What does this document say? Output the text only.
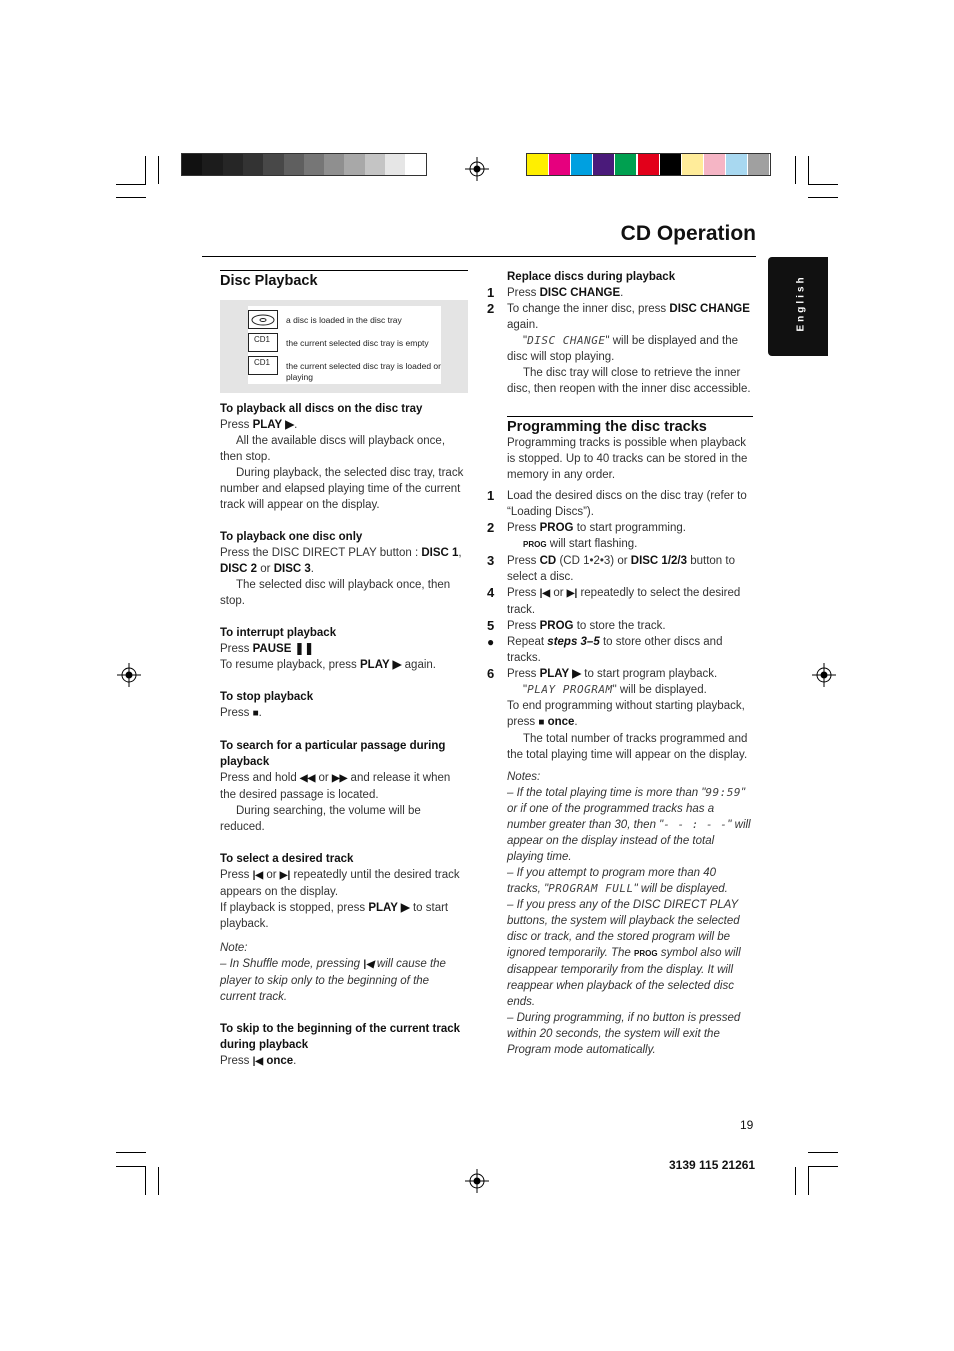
CD Operation
English
Disc Playback
a disc is loaded in the disc tray
CD1	the current selected disc tray is empty
CD1	the current selected disc tray is loaded or playing
To playback all discs on the disc tray
Press PLAY ▶.
All the available discs will playback once, then stop.
During playback, the selected disc tray, track number and elapsed playing time of the current track will appear on the display.
To playback one disc only
Press the DISC DIRECT PLAY button : DISC 1, DISC 2 or DISC 3.
The selected disc will playback once, then stop.
To interrupt playback
Press PAUSE ❚❚
To resume playback, press PLAY ▶ again.
To stop playback
Press ■.
To search for a particular passage during playback
Press and hold ◀◀ or ▶▶ and release it when the desired passage is located.
During searching, the volume will be reduced.
To select a desired track
Press |◀ or ▶| repeatedly until the desired track appears on the display.
If playback is stopped, press PLAY ▶ to start playback.
Note:
– In Shuffle mode, pressing |◀ will cause the player to skip only to the beginning of the current track.
To skip to the beginning of the current track during playback
Press |◀ once.
Replace discs during playback
1 Press DISC CHANGE.
2 To change the inner disc, press DISC CHANGE again.
"DISC CHANGE" will be displayed and the disc will stop playing.
The disc tray will close to retrieve the inner disc, then reopen with the inner disc accessible.
Programming the disc tracks
Programming tracks is possible when playback is stopped. Up to 40 tracks can be stored in the memory in any order.
1 Load the desired discs on the disc tray (refer to “Loading Discs”).
2 Press PROG to start programming.
PROG will start flashing.
3 Press CD (CD 1•2•3) or DISC 1/2/3 button to select a disc.
4 Press |◀ or ▶| repeatedly to select the desired track.
5 Press PROG to store the track.
● Repeat steps 3–5 to store other discs and tracks.
6 Press PLAY ▶ to start program playback.
"PLAY PROGRAM" will be displayed.
To end programming without starting playback, press ■ once.
The total number of tracks programmed and the total playing time will appear on the display.
Notes:
– If the total playing time is more than "99:59" or if one of the programmed tracks has a number greater than 30, then "- - : - -" will appear on the display instead of the total playing time.
– If you attempt to program more than 40 tracks, "PROGRAM FULL" will be displayed.
– If you press any of the DISC DIRECT PLAY buttons, the system will playback the selected disc or track, and the stored program will be ignored temporarily. The PROG symbol also will disappear temporarily from the display. It will reappear when playback of the selected disc ends.
– During programming, if no button is pressed within 20 seconds, the system will exit the Program mode automatically.
19
3139 115 21261
